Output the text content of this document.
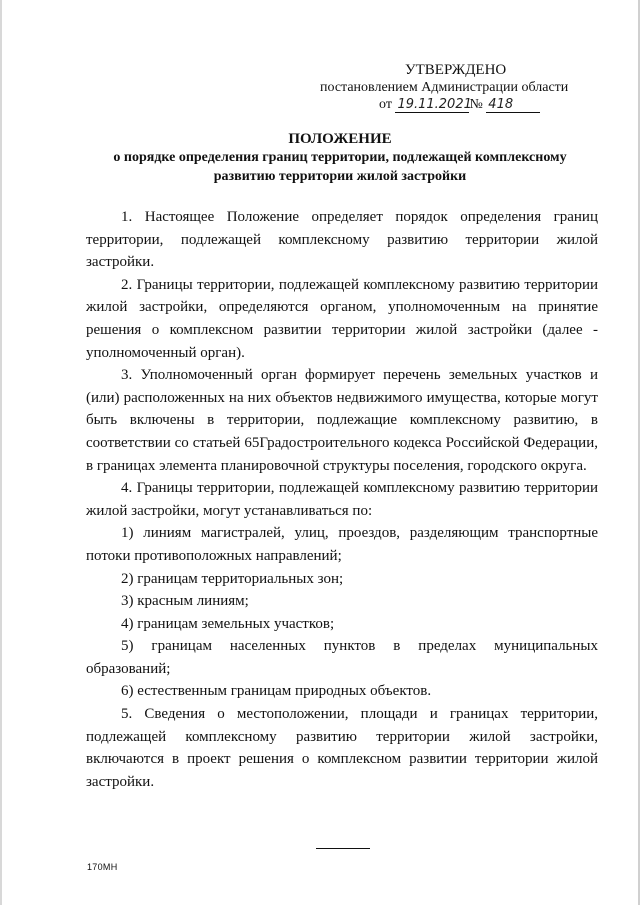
УТВЕРЖДЕНО
постановлением Администрации области
от 19.11.2021№ 418
ПОЛОЖЕНИЕ
о порядке определения границ территории, подлежащей комплексному
развитию территории жилой застройки

1. Настоящее Положение определяет порядок определения границ территории, подлежащей комплексному развитию территории жилой застройки.

2. Границы территории, подлежащей комплексному развитию территории жилой застройки, определяются органом, уполномоченным на принятие решения о комплексном развитии территории жилой застройки (далее - уполномоченный орган).

3. Уполномоченный орган формирует перечень земельных участков и (или) расположенных на них объектов недвижимого имущества, которые могут быть включены в территории, подлежащие комплексному развитию, в соответствии со статьей 65Градостроительного кодекса Российской Федерации, в границах элемента планировочной структуры поселения, городского округа.

4. Границы территории, подлежащей комплексному развитию территории жилой застройки, могут устанавливаться по:

1) линиям магистралей, улиц, проездов, разделяющим транспортные потоки противоположных направлений;

2) границам территориальных зон;

3) красным линиям;

4) границам земельных участков;

5) границам населенных пунктов в пределах муниципальных образований;

6) естественным границам природных объектов.

5. Сведения о местоположении, площади и границах территории, подлежащей комплексному развитию территории жилой застройки, включаются в проект решения о комплексном развитии территории жилой застройки.

170МН
